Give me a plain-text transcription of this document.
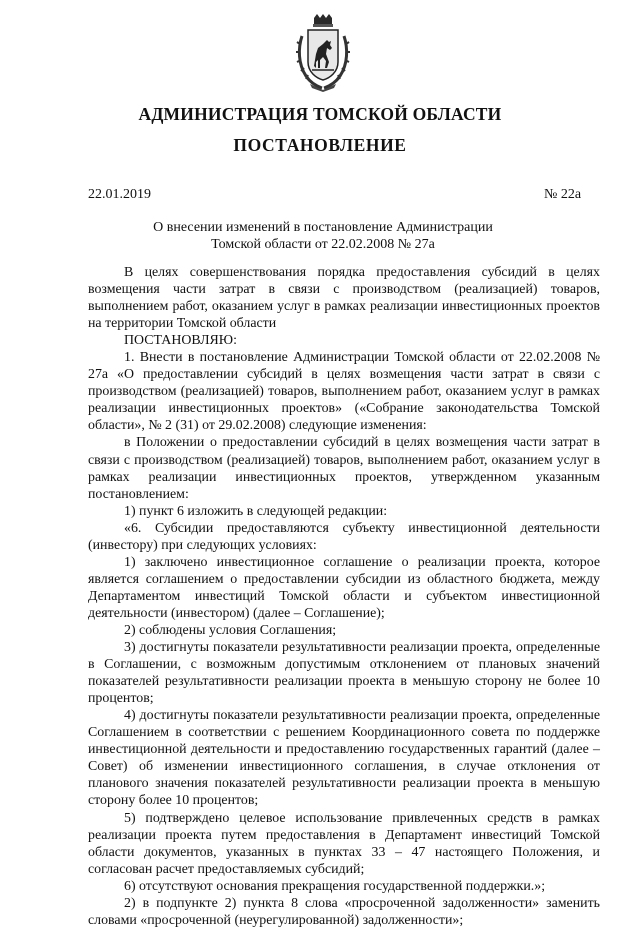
АДМИНИСТРАЦИЯ ТОМСКОЙ ОБЛАСТИ
ПОСТАНОВЛЕНИЕ
22.01.2019	№ 22а
О внесении изменений в постановление Администрации
Томской области от 22.02.2008 № 27а

В целях совершенствования порядка предоставления субсидий в целях возмещения части затрат в связи с производством (реализацией) товаров, выполнением работ, оказанием услуг в рамках реализации инвестиционных проектов на территории Томской области

ПОСТАНОВЛЯЮ:

1. Внести в постановление Администрации Томской области от 22.02.2008 № 27а «О предоставлении субсидий в целях возмещения части затрат в связи с производством (реализацией) товаров, выполнением работ, оказанием услуг в рамках реализации инвестиционных проектов» («Собрание законодательства Томской области», № 2 (31) от 29.02.2008) следующие изменения:

в Положении о предоставлении субсидий в целях возмещения части затрат в связи с производством (реализацией) товаров, выполнением работ, оказанием услуг в рамках реализации инвестиционных проектов, утвержденном указанным постановлением:

1) пункт 6 изложить в следующей редакции:

«6. Субсидии предоставляются субъекту инвестиционной деятельности (инвестору) при следующих условиях:

1) заключено инвестиционное соглашение о реализации проекта, которое является соглашением о предоставлении субсидии из областного бюджета, между Департаментом инвестиций Томской области и субъектом инвестиционной деятельности (инвестором) (далее – Соглашение);

2) соблюдены условия Соглашения;

3) достигнуты показатели результативности реализации проекта, определенные в Соглашении, с возможным допустимым отклонением от плановых значений показателей результативности реализации проекта в меньшую сторону не более 10 процентов;

4) достигнуты показатели результативности реализации проекта, определенные Соглашением в соответствии с решением Координационного совета по поддержке инвестиционной деятельности и предоставлению государственных гарантий (далее – Совет) об изменении инвестиционного соглашения, в случае отклонения от планового значения показателей результативности реализации проекта в меньшую сторону более 10 процентов;

5) подтверждено целевое использование привлеченных средств в рамках реализации проекта путем предоставления в Департамент инвестиций Томской области документов, указанных в пунктах 33 – 47 настоящего Положения, и согласован расчет предоставляемых субсидий;

6) отсутствуют основания прекращения государственной поддержки.»;

2) в подпункте 2) пункта 8 слова «просроченной задолженности» заменить словами «просроченной (неурегулированной) задолженности»;
